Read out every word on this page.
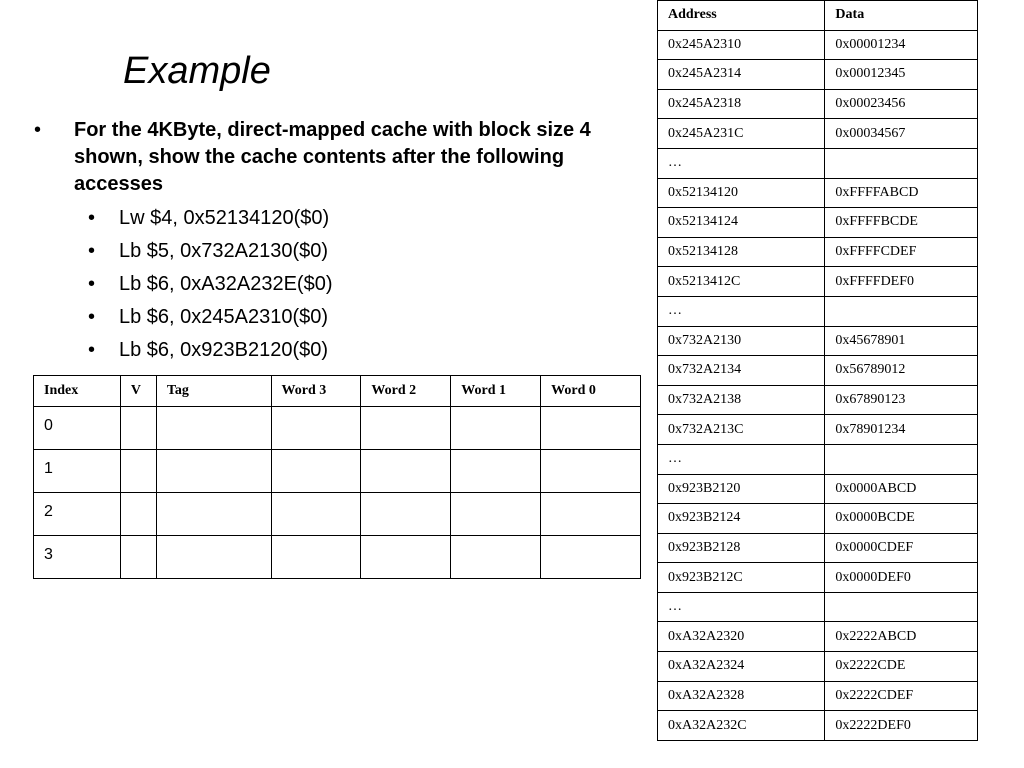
Example
• For the 4KByte, direct-mapped cache with block size 4 shown, show the cache contents after the following accesses
• Lw $4, 0x52134120($0)
• Lb $5, 0x732A2130($0)
• Lb $6, 0xA32A232E($0)
• Lb $6, 0x245A2310($0)
• Lb $6, 0x923B2120($0)
Index	V	Tag	Word 3	Word 2	Word 1	Word 0
0						
1						
2						
3						
Address	Data
0x245A2310	0x00001234
0x245A2314	0x00012345
0x245A2318	0x00023456
0x245A231C	0x00034567
…	
0x52134120	0xFFFFABCD
0x52134124	0xFFFFBCDE
0x52134128	0xFFFFCDEF
0x5213412C	0xFFFFDEF0
…	
0x732A2130	0x45678901
0x732A2134	0x56789012
0x732A2138	0x67890123
0x732A213C	0x78901234
…	
0x923B2120	0x0000ABCD
0x923B2124	0x0000BCDE
0x923B2128	0x0000CDEF
0x923B212C	0x0000DEF0
…	
0xA32A2320	0x2222ABCD
0xA32A2324	0x2222CDE
0xA32A2328	0x2222CDEF
0xA32A232C	0x2222DEF0
